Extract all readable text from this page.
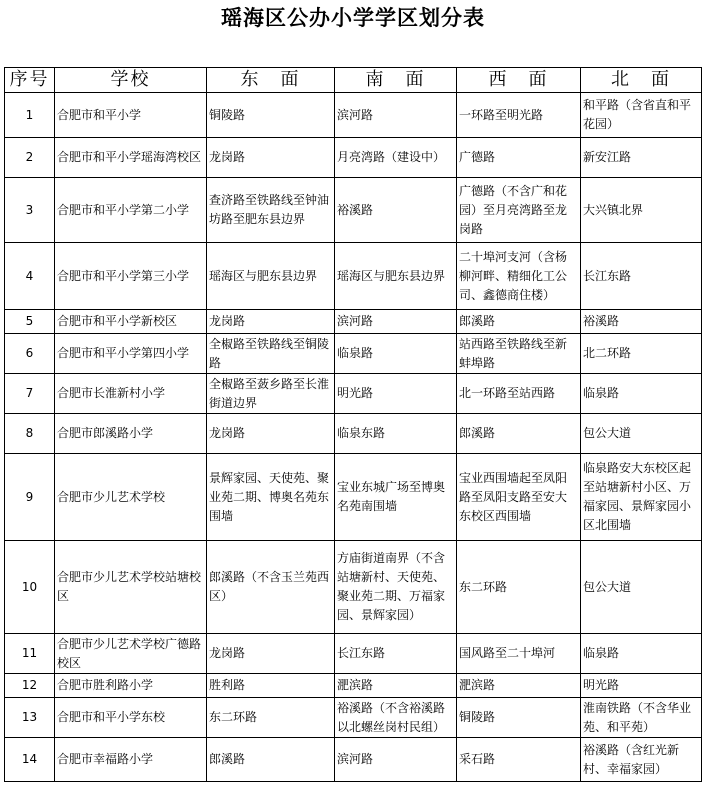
瑶海区公办小学学区划分表
序号	学校	东　面	南　面	西　面	北　面
1	合肥市和平小学	铜陵路	滨河路	一环路至明光路	和平路（含省直和平花园）
2	合肥市和平小学瑶海湾校区	龙岗路	月亮湾路（建设中）	广德路	新安江路
3	合肥市和平小学第二小学	查济路至铁路线至钟油坊路至肥东县边界	裕溪路	广德路（不含广和花园）至月亮湾路至龙岗路	大兴镇北界
4	合肥市和平小学第三小学	瑶海区与肥东县边界	瑶海区与肥东县边界	二十埠河支河（含杨柳河畔、精细化工公司、鑫德商住楼）	长江东路
5	合肥市和平小学新校区	龙岗路	滨河路	郎溪路	裕溪路
6	合肥市和平小学第四小学	全椒路至铁路线至铜陵路	临泉路	站西路至铁路线至新蚌埠路	北二环路
7	合肥市长淮新村小学	全椒路至蔹乡路至长淮街道边界	明光路	北一环路至站西路	临泉路
8	合肥市郎溪路小学	龙岗路	临泉东路	郎溪路	包公大道
9	合肥市少儿艺术学校	景辉家园、天使苑、聚业苑二期、博奥名苑东围墙	宝业东城广场至博奥名苑南围墙	宝业西围墙起至凤阳路至凤阳支路至安大东校区西围墙	临泉路安大东校区起至站塘新村小区、万福家园、景辉家园小区北围墙
10	合肥市少儿艺术学校站塘校区	郎溪路（不含玉兰苑西区）	方庙街道南界（不含站塘新村、天使苑、聚业苑二期、万福家园、景辉家园）	东二环路	包公大道
11	合肥市少儿艺术学校广德路校区	龙岗路	长江东路	国风路至二十埠河	临泉路
12	合肥市胜利路小学	胜利路	淝滨路	淝滨路	明光路
13	合肥市和平小学东校	东二环路	裕溪路（不含裕溪路以北螺丝岗村民组）	铜陵路	淮南铁路（不含华业苑、和平苑）
14	合肥市幸福路小学	郎溪路	滨河路	采石路	裕溪路（含红光新村、幸福家园）
